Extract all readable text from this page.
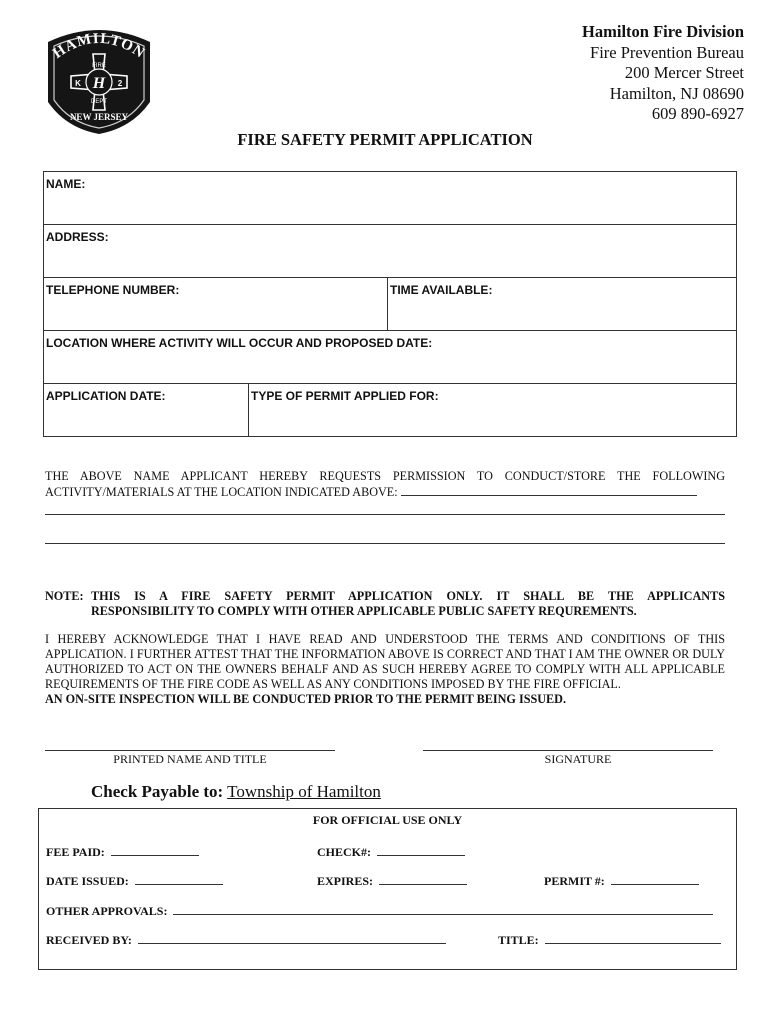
HAMILTON
FIRE
H
DEPT
K	2
NEW JERSEY
Hamilton Fire Division
Fire Prevention Bureau
200 Mercer Street
Hamilton, NJ 08690
609 890-6927
FIRE SAFETY PERMIT APPLICATION
NAME:
ADDRESS:
TELEPHONE NUMBER:	TIME AVAILABLE:
LOCATION WHERE ACTIVITY WILL OCCUR AND PROPOSED DATE:
APPLICATION DATE:	TYPE OF PERMIT APPLIED FOR:
THE ABOVE NAME APPLICANT HEREBY REQUESTS PERMISSION TO CONDUCT/STORE THE FOLLOWING
ACTIVITY/MATERIALS AT THE LOCATION INDICATED ABOVE:
NOTE: THIS IS A FIRE SAFETY PERMIT APPLICATION ONLY. IT SHALL BE THE APPLICANTS
RESPONSIBILITY TO COMPLY WITH OTHER APPLICABLE PUBLIC SAFETY REQUREMENTS.
I HEREBY ACKNOWLEDGE THAT I HAVE READ AND UNDERSTOOD THE TERMS AND CONDITIONS OF THIS APPLICATION. I FURTHER ATTEST THAT THE INFORMATION ABOVE IS CORRECT AND THAT I AM THE OWNER OR DULY AUTHORIZED TO ACT ON THE OWNERS BEHALF AND AS SUCH HEREBY AGREE TO COMPLY WITH ALL APPLICABLE REQUIREMENTS OF THE FIRE CODE AS WELL AS ANY CONDITIONS IMPOSED BY THE FIRE OFFICIAL.
AN ON-SITE INSPECTION WILL BE CONDUCTED PRIOR TO THE PERMIT BEING ISSUED.
PRINTED NAME AND TITLE	SIGNATURE
Check Payable to: Township of Hamilton
FOR OFFICIAL USE ONLY
FEE PAID:	CHECK#:
DATE ISSUED:	EXPIRES:	PERMIT #:
OTHER APPROVALS:
RECEIVED BY:	TITLE:
